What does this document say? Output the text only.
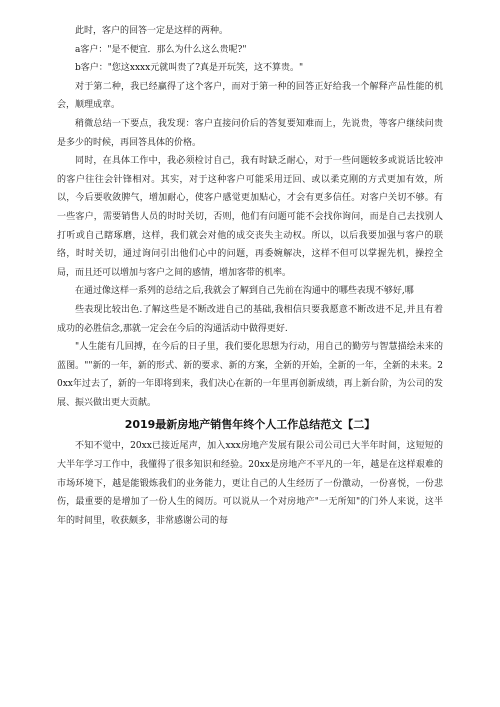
此时，客户的回答一定是这样的两种。

a客户："是不便宜．那么为什么这么贵呢?"

b客户："您这xxxx元就叫贵了?真是开玩笑，这不算贵。"

对于第二种，我已经赢得了这个客户，而对于第一种的回答正好给我一个解释产品性能的机会，顺理成章。

稍微总结一下要点，我发现：客户直接问价后的答复要知难而上，先说贵，等客户继续问贵是多少的时候，再回答具体的价格。

同时，在具体工作中，我必须检讨自己，我有时缺乏耐心，对于一些问题较多或说话比较冲的客户往往会针锋相对。其实，对于这种客户可能采用迂回、或以柔克刚的方式更加有效，所以，今后要收敛脾气，增加耐心，使客户感觉更加贴心，才会有更多信任。对客户关切不够。有一些客户，需要销售人员的时时关切，否则，他们有问题可能不会找你询问，而是自己去找别人打听或自己瞎琢磨，这样，我们就会对他的成交丧失主动权。所以，以后我要加强与客户的联络，时时关切，通过询问引出他们心中的问题，再委婉解决，这样不但可以掌握先机，操控全局，而且还可以增加与客户之间的感情，增加客带的机率。

在通过像这样一系列的总结之后,我就会了解到自己先前在沟通中的哪些表现不够好,哪

些表现比较出色.了解这些是不断改进自己的基础,我相信只要我愿意不断改进不足,并且有着成功的必胜信念,那就一定会在今后的沟通活动中做得更好.

"人生能有几回搏，在今后的日子里，我们要化思想为行动，用自己的勤劳与智慧描绘未来的蓝图。""新的一年，新的形式、新的要求、新的方案，全新的开始，全新的一年，全新的未来。20xx年过去了，新的一年即将到来，我们决心在新的一年里再创新成绩，再上新台阶，为公司的发展、振兴做出更大贡献。

2019最新房地产销售年终个人工作总结范文【二】

不知不觉中，20xx已接近尾声，加入xxx房地产发展有限公司公司已大半年时间，这短短的大半年学习工作中，我懂得了很多知识和经验。20xx是房地产不平凡的一年，越是在这样艰难的市场环境下，越是能锻炼我们的业务能力，更让自己的人生经历了一份激动，一份喜悦，一份悲伤，最重要的是增加了一份人生的阅历。可以说从一个对房地产"一无所知"的门外人来说，这半年的时间里，收获颇多，非常感谢公司的每
